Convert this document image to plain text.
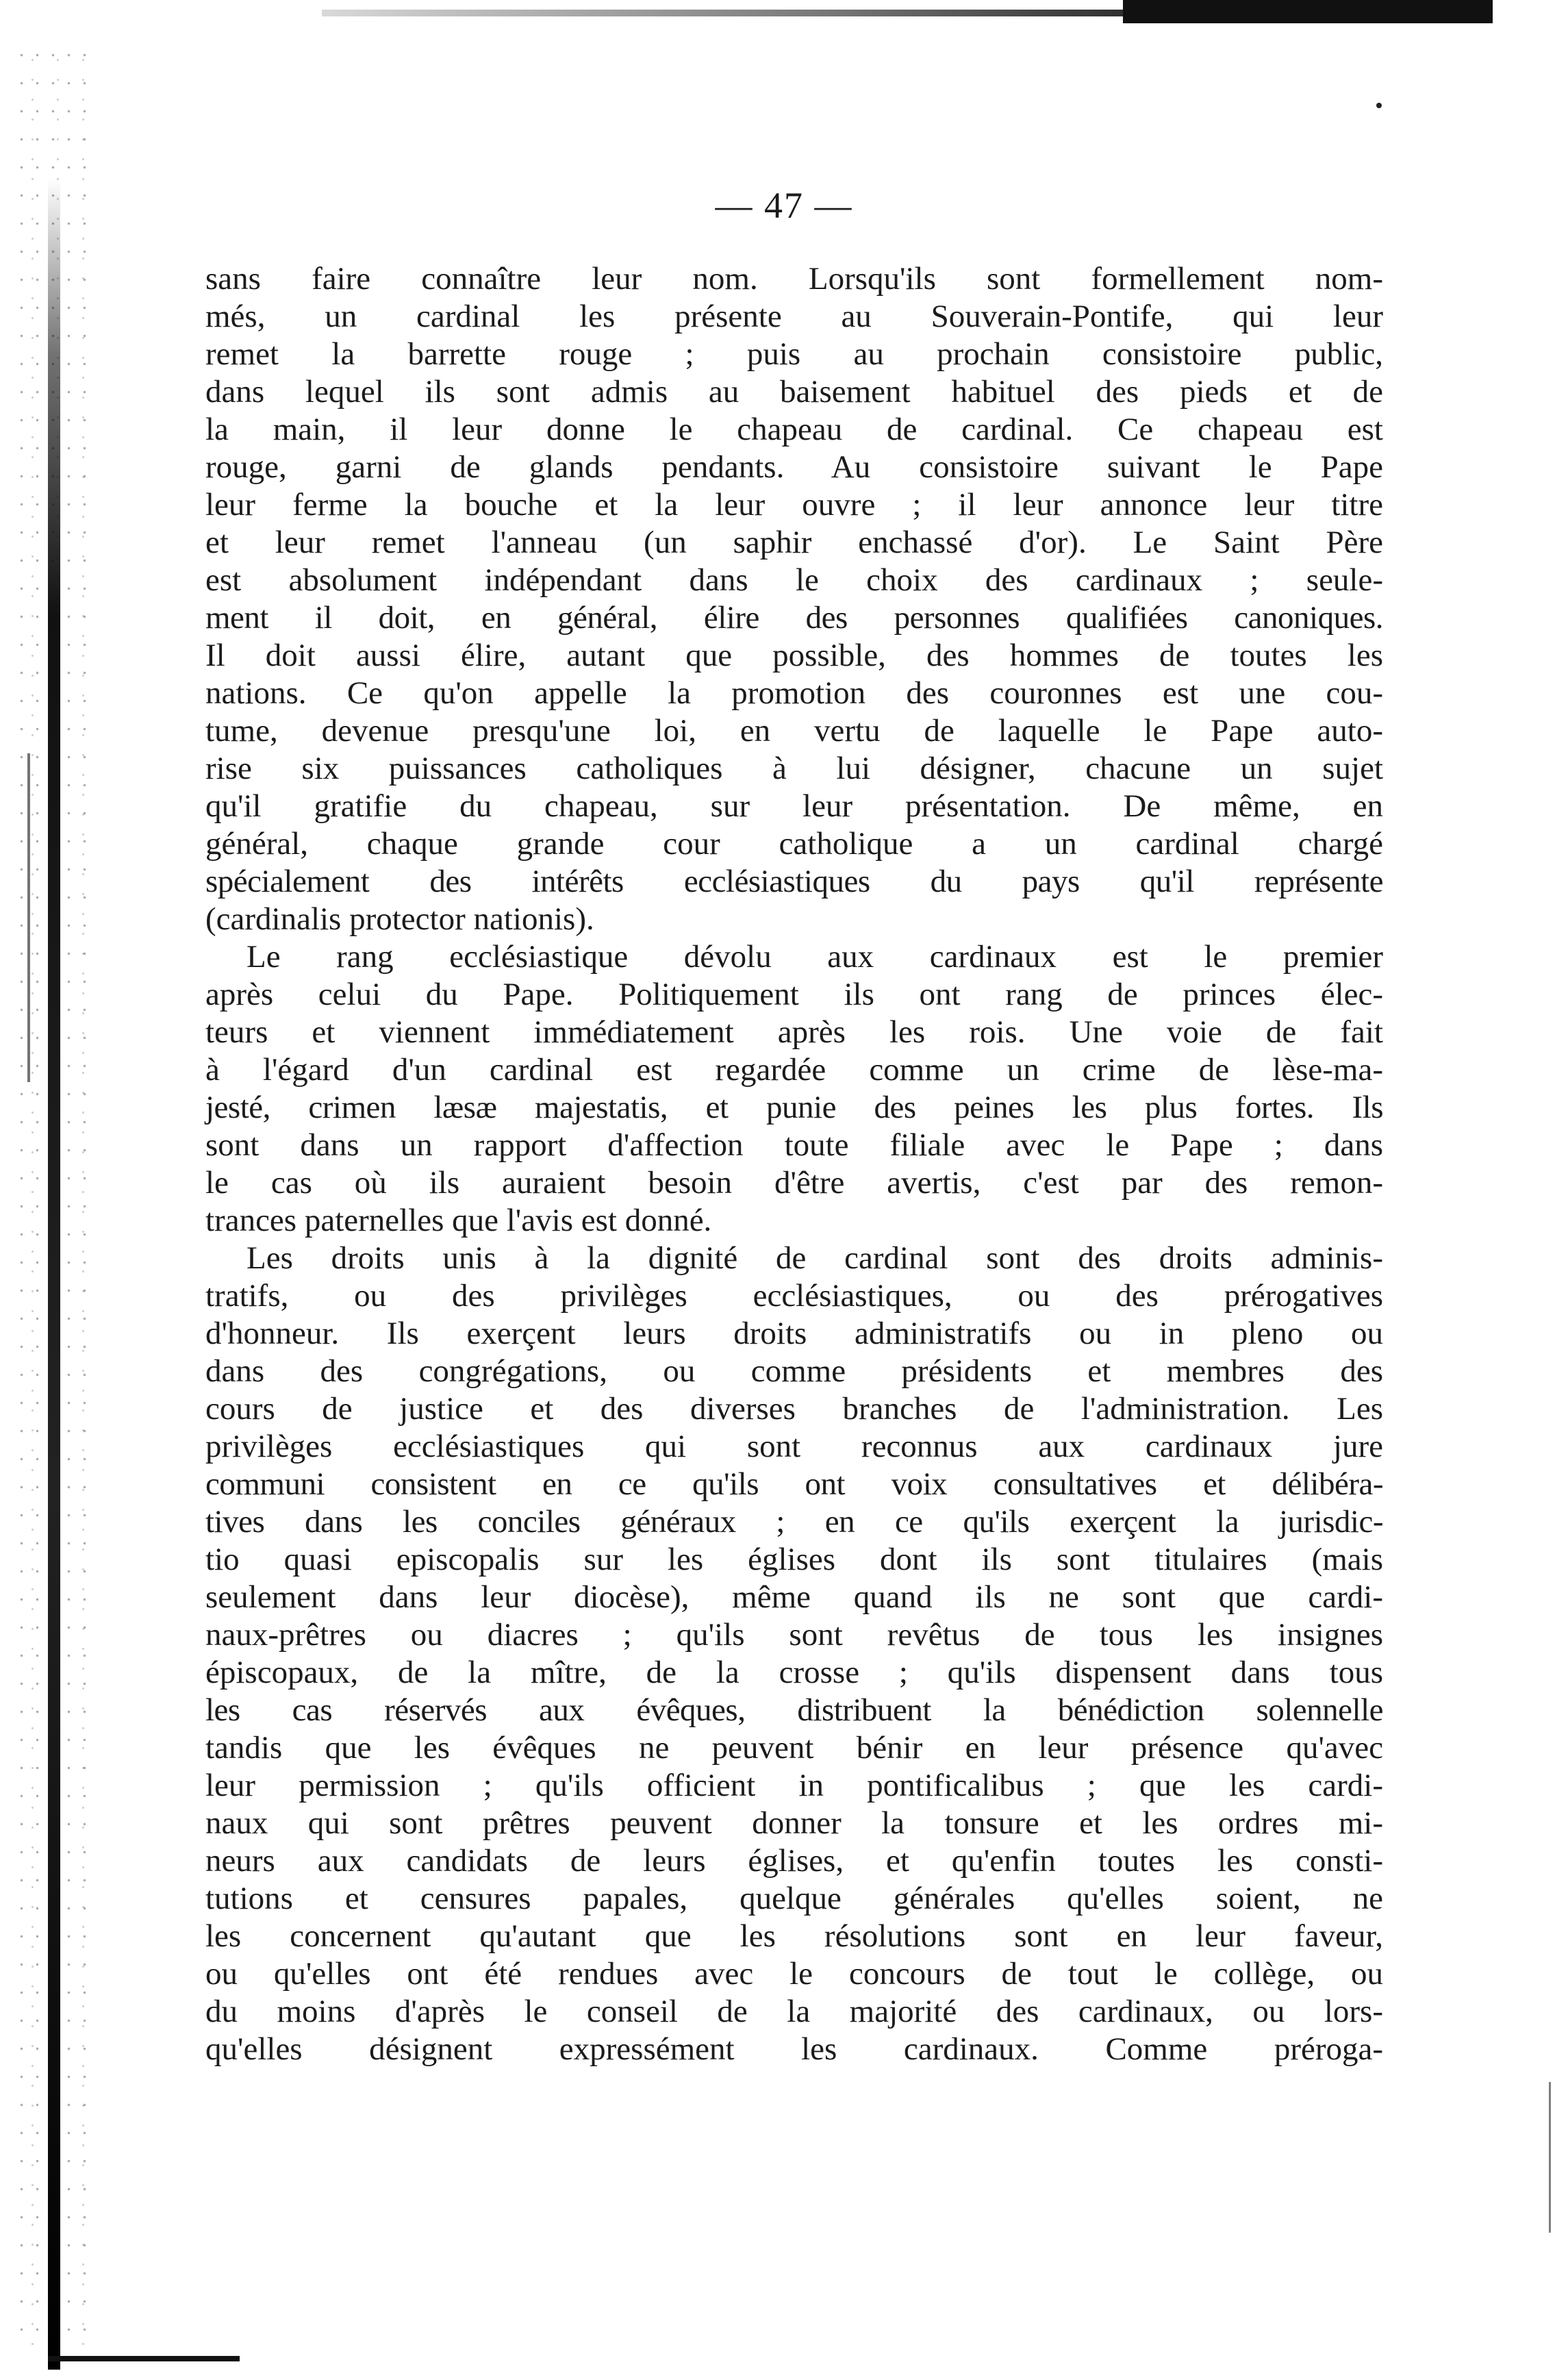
— 47 —
sans faire connaître leur nom. Lorsqu'ils sont formellement nom-
més, un cardinal les présente au Souverain-Pontife, qui leur
remet la barrette rouge ; puis au prochain consistoire public,
dans lequel ils sont admis au baisement habituel des pieds et de
la main, il leur donne le chapeau de cardinal. Ce chapeau est
rouge, garni de glands pendants. Au consistoire suivant le Pape
leur ferme la bouche et la leur ouvre ; il leur annonce leur titre
et leur remet l'anneau (un saphir enchassé d'or). Le Saint Père
est absolument indépendant dans le choix des cardinaux ; seule-
ment il doit, en général, élire des personnes qualifiées canoniques.
Il doit aussi élire, autant que possible, des hommes de toutes les
nations. Ce qu'on appelle la promotion des couronnes est une cou-
tume, devenue presqu'une loi, en vertu de laquelle le Pape auto-
rise six puissances catholiques à lui désigner, chacune un sujet
qu'il gratifie du chapeau, sur leur présentation. De même, en
général, chaque grande cour catholique a un cardinal chargé
spécialement des intérêts ecclésiastiques du pays qu'il représente
(cardinalis protector nationis).
Le rang ecclésiastique dévolu aux cardinaux est le premier
après celui du Pape. Politiquement ils ont rang de princes élec-
teurs et viennent immédiatement après les rois. Une voie de fait
à l'égard d'un cardinal est regardée comme un crime de lèse-ma-
jesté, crimen læsæ majestatis, et punie des peines les plus fortes. Ils
sont dans un rapport d'affection toute filiale avec le Pape ; dans
le cas où ils auraient besoin d'être avertis, c'est par des remon-
trances paternelles que l'avis est donné.
Les droits unis à la dignité de cardinal sont des droits adminis-
tratifs, ou des privilèges ecclésiastiques, ou des prérogatives
d'honneur. Ils exerçent leurs droits administratifs ou in pleno ou
dans des congrégations, ou comme présidents et membres des
cours de justice et des diverses branches de l'administration. Les
privilèges ecclésiastiques qui sont reconnus aux cardinaux jure
communi consistent en ce qu'ils ont voix consultatives et délibéra-
tives dans les conciles généraux ; en ce qu'ils exerçent la jurisdic-
tio quasi episcopalis sur les églises dont ils sont titulaires (mais
seulement dans leur diocèse), même quand ils ne sont que cardi-
naux-prêtres ou diacres ; qu'ils sont revêtus de tous les insignes
épiscopaux, de la mître, de la crosse ; qu'ils dispensent dans tous
les cas réservés aux évêques, distribuent la bénédiction solennelle
tandis que les évêques ne peuvent bénir en leur présence qu'avec
leur permission ; qu'ils officient in pontificalibus ; que les cardi-
naux qui sont prêtres peuvent donner la tonsure et les ordres mi-
neurs aux candidats de leurs églises, et qu'enfin toutes les consti-
tutions et censures papales, quelque générales qu'elles soient, ne
les concernent qu'autant que les résolutions sont en leur faveur,
ou qu'elles ont été rendues avec le concours de tout le collège, ou
du moins d'après le conseil de la majorité des cardinaux, ou lors-
qu'elles désignent expressément les cardinaux. Comme préroga-
